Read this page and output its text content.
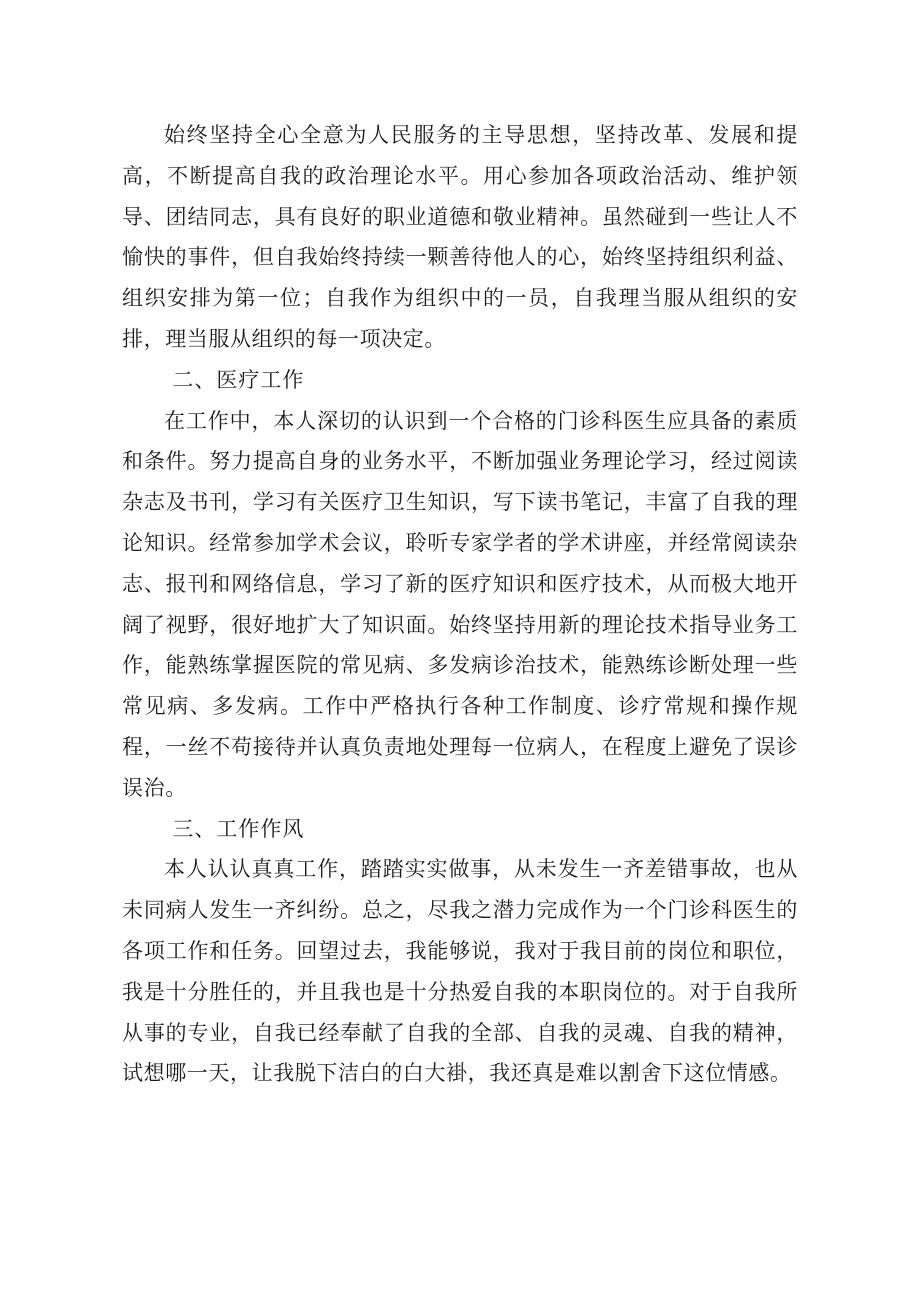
始终坚持全心全意为人民服务的主导思想，坚持改革、发展和提高，不断提高自我的政治理论水平。用心参加各项政治活动、维护领导、团结同志，具有良好的职业道德和敬业精神。虽然碰到一些让人不愉快的事件，但自我始终持续一颗善待他人的心，始终坚持组织利益、组织安排为第一位；自我作为组织中的一员，自我理当服从组织的安排，理当服从组织的每一项决定。

二、医疗工作

在工作中，本人深切的认识到一个合格的门诊科医生应具备的素质和条件。努力提高自身的业务水平，不断加强业务理论学习，经过阅读杂志及书刊，学习有关医疗卫生知识，写下读书笔记，丰富了自我的理论知识。经常参加学术会议，聆听专家学者的学术讲座，并经常阅读杂志、报刊和网络信息，学习了新的医疗知识和医疗技术，从而极大地开阔了视野，很好地扩大了知识面。始终坚持用新的理论技术指导业务工作，能熟练掌握医院的常见病、多发病诊治技术，能熟练诊断处理一些常见病、多发病。工作中严格执行各种工作制度、诊疗常规和操作规程，一丝不苟接待并认真负责地处理每一位病人，在程度上避免了误诊误治。

三、工作作风

本人认认真真工作，踏踏实实做事，从未发生一齐差错事故，也从未同病人发生一齐纠纷。总之，尽我之潜力完成作为一个门诊科医生的各项工作和任务。回望过去，我能够说，我对于我目前的岗位和职位，我是十分胜任的，并且我也是十分热爱自我的本职岗位的。对于自我所从事的专业，自我已经奉献了自我的全部、自我的灵魂、自我的精神，试想哪一天，让我脱下洁白的白大褂，我还真是难以割舍下这位情感。
